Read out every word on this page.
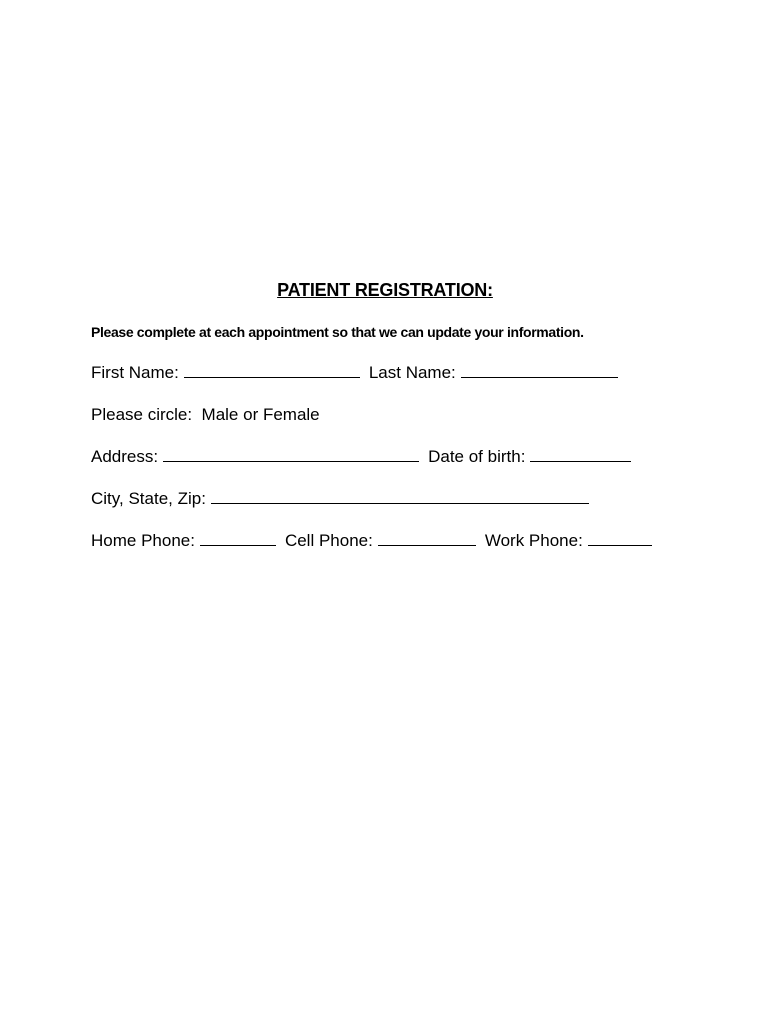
PATIENT REGISTRATION:
Please complete at each appointment so that we can update your information.
First Name:	Last Name:
Please circle:  Male or Female
Address:	Date of birth:
City, State, Zip:
Home Phone:	Cell Phone:	Work Phone:
